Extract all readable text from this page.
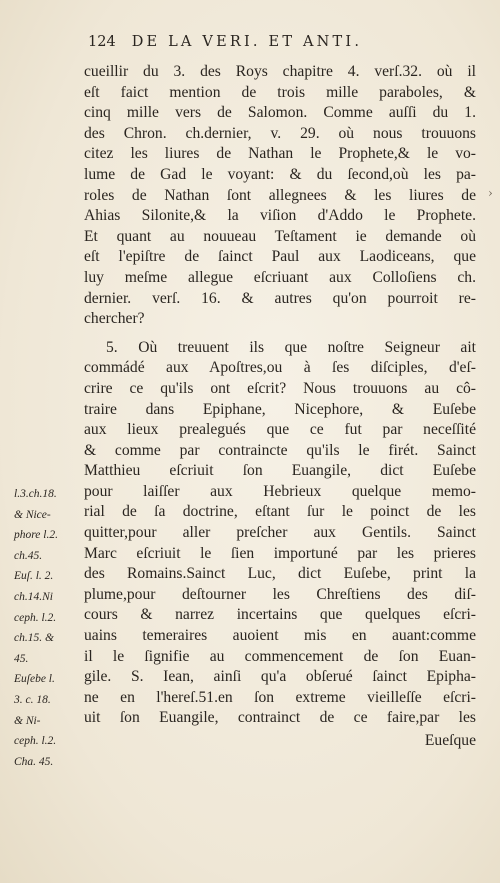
124 DE LA VERI. ET ANTI.
cueillir du 3. des Roys chapitre 4. verſ.32. où il
eſt faict mention de trois mille paraboles, &
cinq mille vers de Salomon. Comme auſſi du 1.
des Chron. ch.dernier, v. 29. où nous trouuons
citez les liures de Nathan le Prophete,& le vo-
lume de Gad le voyant: & du ſecond,où les pa-
roles de Nathan ſont allegnees & les liures de
Ahias Silonite,& la viſion d'Addo le Prophete.
Et quant au nouueau Teſtament ie demande où
eſt l'epiſtre de ſainct Paul aux Laodiceans, que
luy meſme allegue eſcriuant aux Colloſiens ch.
dernier. verſ. 16. & autres qu'on pourroit re-
chercher?
5. Où treuuent ils que noſtre Seigneur ait
commádé aux Apoſtres,ou à ſes diſciples, d'eſ-
crire ce qu'ils ont eſcrit? Nous trouuons au cô-
traire dans Epiphane, Nicephore, & Euſebe
aux lieux prealegués que ce fut par neceſſité
& comme par contraincte qu'ils le firét. Sainct
Matthieu eſcriuit ſon Euangile, dict Euſebe
pour laiſſer aux Hebrieux quelque memo-
rial de ſa doctrine, eſtant ſur le poinct de les
quitter,pour aller preſcher aux Gentils. Sainct
Marc eſcriuit le ſien importuné par les prieres
des Romains.Sainct Luc, dict Euſebe, print la
plume,pour deſtourner les Chreſtiens des diſ-
cours & narrez incertains que quelques eſcri-
uains temeraires auoient mis en auant:comme
il le ſignifie au commencement de ſon Euan-
gile. S. Iean, ainſi qu'a obſerué ſainct Epipha-
ne en l'hereſ.51.en ſon extreme vieilleſſe eſcri-
uit ſon Euangile, contrainct de ce faire,par les
Eueſque
l.3.ch.18.
& Nice-
phore l.2.
ch.45.
Euſ. l. 2.
ch.14.Ni
ceph. l.2.
ch.15. &
45.
Euſebe l.
3. c. 18.
& Ni-
ceph. l.2.
Cha. 45.
›
